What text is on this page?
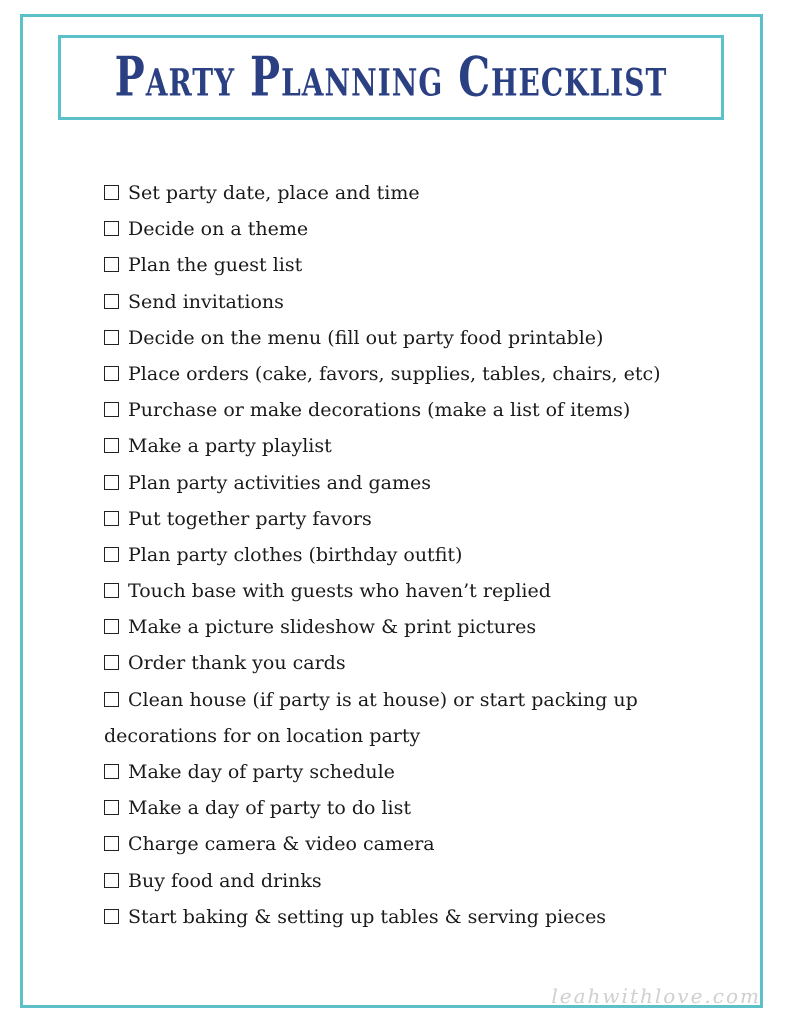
Party Planning Checklist
Set party date, place and time
Decide on a theme
Plan the guest list
Send invitations
Decide on the menu (fill out party food printable)
Place orders (cake, favors, supplies, tables, chairs, etc)
Purchase or make decorations (make a list of items)
Make a party playlist
Plan party activities and games
Put together party favors
Plan party clothes (birthday outfit)
Touch base with guests who haven’t replied
Make a picture slideshow & print pictures
Order thank you cards
Clean house (if party is at house) or start packing up
decorations for on location party
Make day of party schedule
Make a day of party to do list
Charge camera & video camera
Buy food and drinks
Start baking & setting up tables & serving pieces
leahwithlove.com
